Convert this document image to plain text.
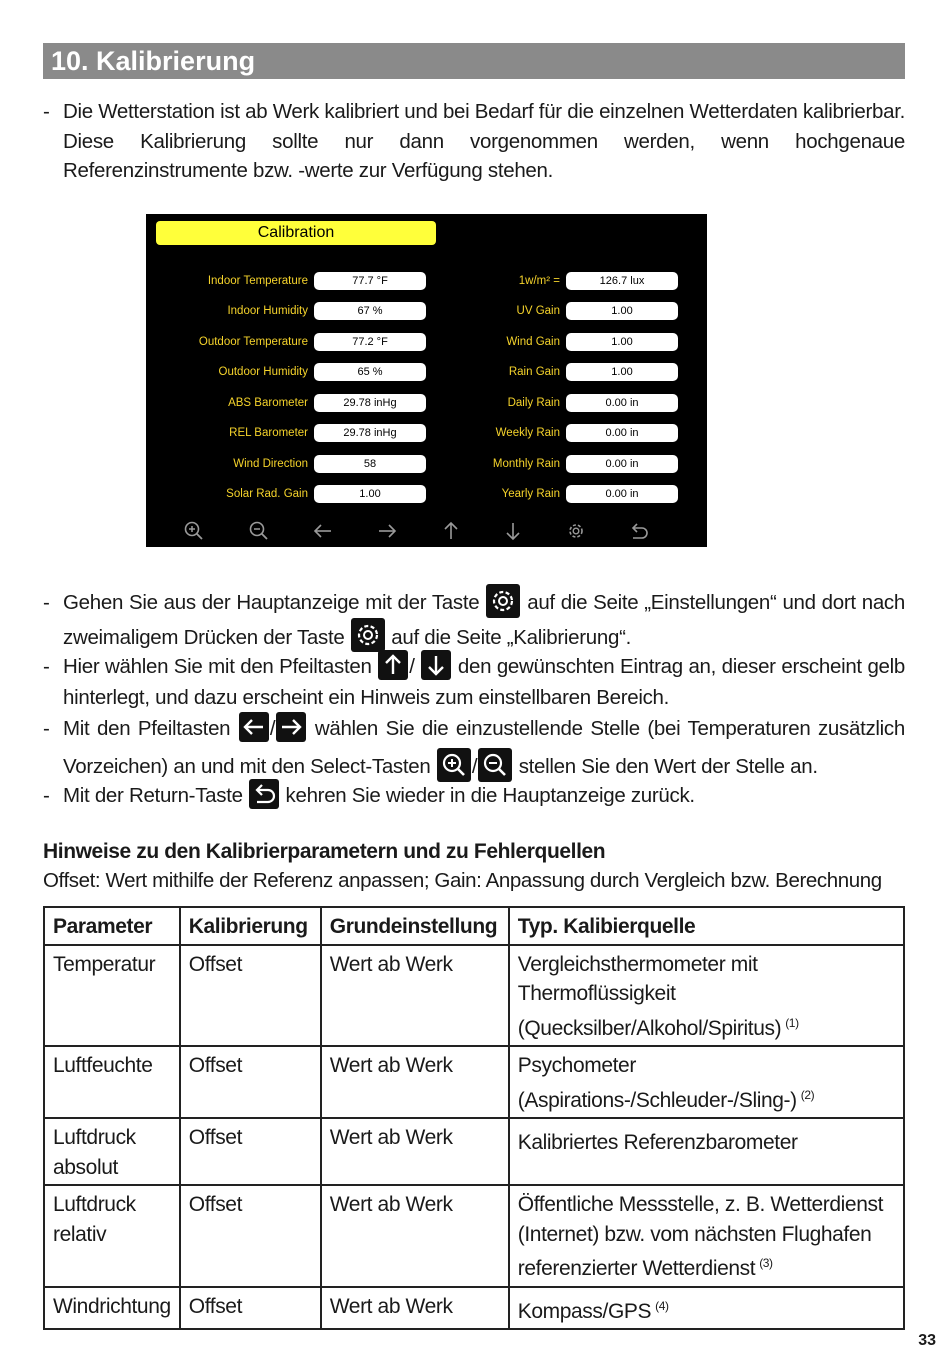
10. Kalibrierung
- Die Wetterstation ist ab Werk kalibriert und bei Bedarf für die einzelnen Wetterdaten kalibrierbar. Diese Kalibrierung sollte nur dann vorgenommen werden, wenn hochgenaue Referenzinstrumente bzw. -werte zur Verfügung stehen.
Calibration
Indoor Temperature	77.7 °F
Indoor Humidity	67 %
Outdoor Temperature	77.2 °F
Outdoor Humidity	65 %
ABS Barometer	29.78 inHg
REL Barometer	29.78 inHg
Wind Direction	58
Solar Rad. Gain	1.00
1w/m² =	126.7 lux
UV Gain	1.00
Wind Gain	1.00
Rain Gain	1.00
Daily Rain	0.00 in
Weekly Rain	0.00 in
Monthly Rain	0.00 in
Yearly Rain	0.00 in
- Gehen Sie aus der Hauptanzeige mit der Taste auf die Seite „Einstellungen“ und dort nach zweimaligem Drücken der Taste auf die Seite „Kalibrierung“.
- Hier wählen Sie mit den Pfeiltasten / den gewünschten Eintrag an, dieser erscheint gelb hinterlegt, und dazu erscheint ein Hinweis zum einstellbaren Bereich.
- Mit den Pfeiltasten / wählen Sie die einzustellende Stelle (bei Temperaturen zusätzlich Vorzeichen) an und mit den Select-Tasten / stellen Sie den Wert der Stelle an.
- Mit der Return-Taste kehren Sie wieder in die Hauptanzeige zurück.
Hinweise zu den Kalibrierparametern und zu Fehlerquellen
Offset: Wert mithilfe der Referenz anpassen; Gain: Anpassung durch Vergleich bzw. Berechnung
Parameter	Kalibrierung	Grundeinstellung	Typ. Kalibierquelle
Temperatur	Offset	Wert ab Werk	Vergleichsthermometer mit Thermoflüssigkeit (Quecksilber/Alkohol/Spiritus) $^{(1)}$
Luftfeuchte	Offset	Wert ab Werk	Psychometer (Aspirations-/Schleuder-/Sling-) $^{(2)}$
Luftdruck absolut	Offset	Wert ab Werk	Kalibriertes Referenzbarometer
Luftdruck relativ	Offset	Wert ab Werk	Öffentliche Messstelle, z. B. Wetterdienst (Internet) bzw. vom nächsten Flughafen referenzierter Wetterdienst $^{(3)}$
Windrichtung	Offset	Wert ab Werk	Kompass/GPS $^{(4)}$
33
